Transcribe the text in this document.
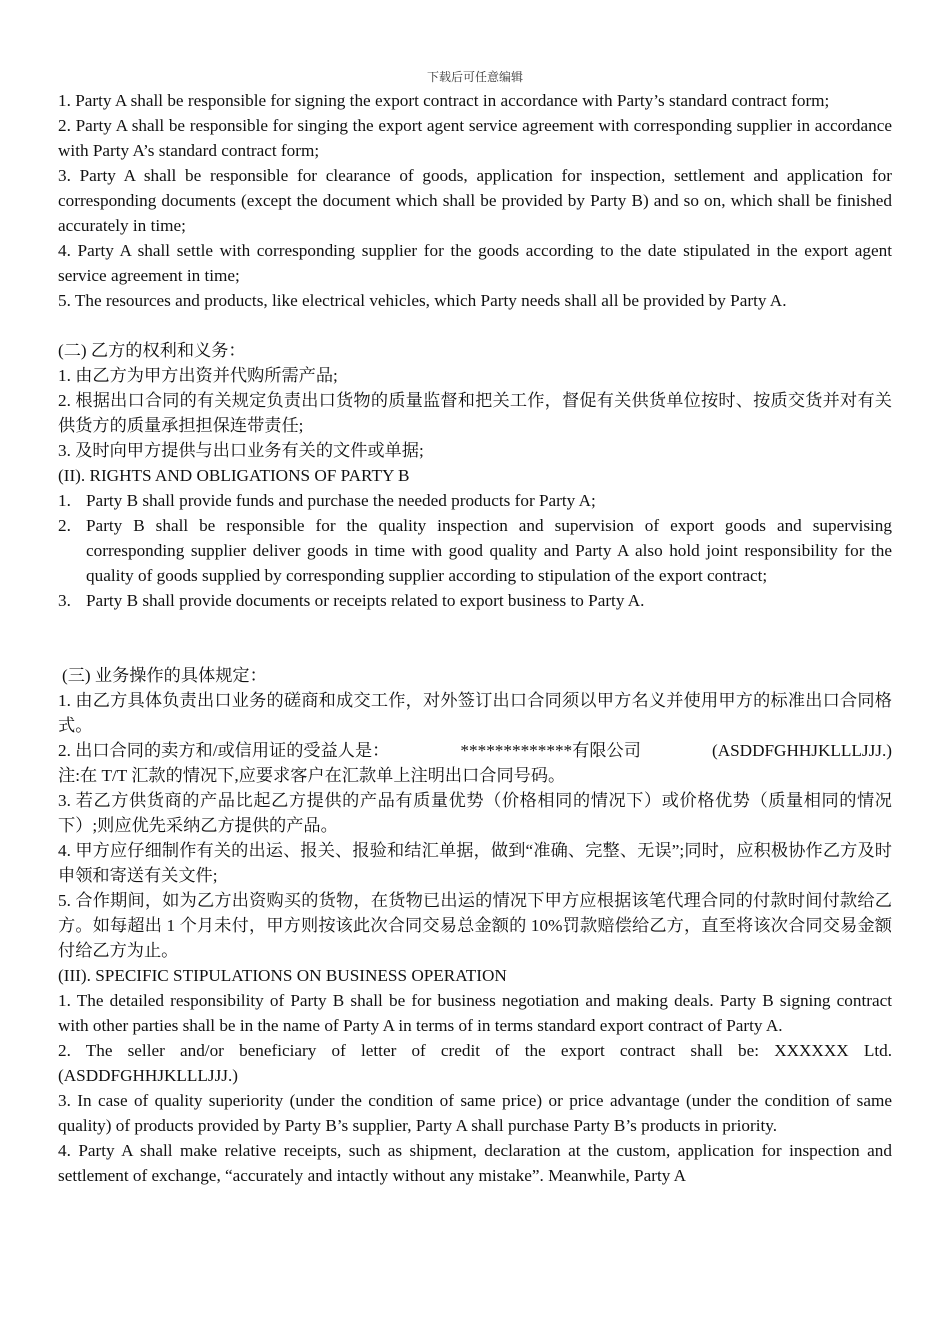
下载后可任意编辑

1. Party A shall be responsible for signing the export contract in accordance with Party’s standard contract form;

2. Party A shall be responsible for singing the export agent service agreement with corresponding supplier in accordance with Party A’s standard contract form;

3. Party A shall be responsible for clearance of goods, application for inspection, settlement and application for corresponding documents (except the document which shall be provided by Party B) and so on, which shall be finished accurately in time;

4. Party A shall settle with corresponding supplier for the goods according to the date stipulated in the export agent service agreement in time;

5. The resources and products, like electrical vehicles, which Party needs shall all be provided by Party A.

(二) 乙方的权利和义务：

1. 由乙方为甲方出资并代购所需产品;

2. 根据出口合同的有关规定负责出口货物的质量监督和把关工作，督促有关供货单位按时、按质交货并对有关供货方的质量承担担保连带责任;

3. 及时向甲方提供与出口业务有关的文件或单据;

(II). RIGHTS AND OBLIGATIONS OF PARTY B

1. Party B shall provide funds and purchase the needed products for Party A;
2. Party B shall be responsible for the quality inspection and supervision of export goods and supervising corresponding supplier deliver goods in time with good quality and Party A also hold joint responsibility for the quality of goods supplied by corresponding supplier according to stipulation of the export contract;
3. Party B shall provide documents or receipts related to export business to Party A.

(三) 业务操作的具体规定：

1. 由乙方具体负责出口业务的磋商和成交工作，对外签订出口合同须以甲方名义并使用甲方的标准出口合同格式。

2. 出口合同的卖方和/或信用证的受益人是：	*************有限公司	(ASDDFGHHJKLLLJJJ.)

注:在 T/T 汇款的情况下,应要求客户在汇款单上注明出口合同号码。

3. 若乙方供货商的产品比起乙方提供的产品有质量优势（价格相同的情况下）或价格优势（质量相同的情况下）;则应优先采纳乙方提供的产品。

4. 甲方应仔细制作有关的出运、报关、报验和结汇单据，做到“准确、完整、无误”;同时，应积极协作乙方及时申领和寄送有关文件;

5. 合作期间，如为乙方出资购买的货物，在货物已出运的情况下甲方应根据该笔代理合同的付款时间付款给乙方。如每超出 1 个月未付，甲方则按该此次合同交易总金额的 10%罚款赔偿给乙方，直至将该次合同交易金额付给乙方为止。

(III). SPECIFIC STIPULATIONS ON BUSINESS OPERATION

1. The detailed responsibility of Party B shall be for business negotiation and making deals. Party B signing contract with other parties shall be in the name of Party A in terms of in terms standard export contract of Party A.

2. The seller and/or beneficiary of letter of credit of the export contract shall be: XXXXXX Ltd. (ASDDFGHHJKLLLJJJ.)

3. In case of quality superiority (under the condition of same price) or price advantage (under the condition of same quality) of products provided by Party B’s supplier, Party A shall purchase Party B’s products in priority.

4. Party A shall make relative receipts, such as shipment, declaration at the custom, application for inspection and settlement of exchange, “accurately and intactly without any mistake”. Meanwhile, Party A
